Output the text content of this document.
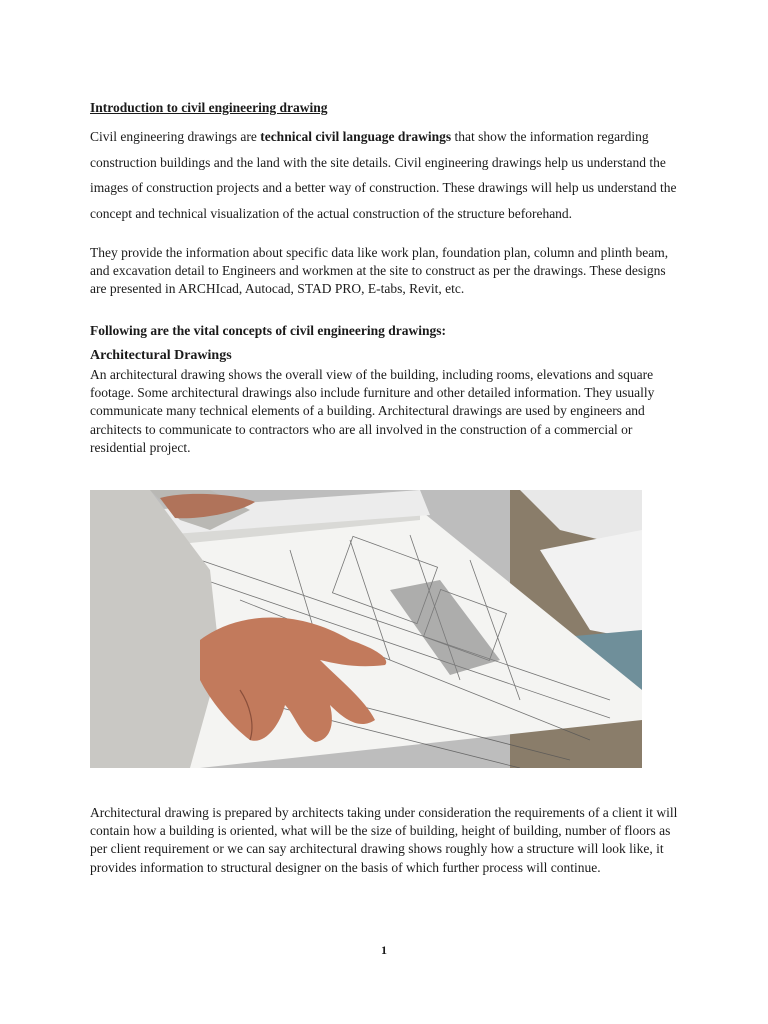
Introduction to civil engineering drawing
Civil engineering drawings are technical civil language drawings that show the information regarding construction buildings and the land with the site details. Civil engineering drawings help us understand the images of construction projects and a better way of construction. These drawings will help us understand the concept and technical visualization of the actual construction of the structure beforehand.
They provide the information about specific data like work plan, foundation plan, column and plinth beam, and excavation detail to Engineers and workmen at the site to construct as per the drawings. These designs are presented in ARCHIcad, Autocad, STAD PRO, E-tabs, Revit, etc.
Following are the vital concepts of civil engineering drawings:
Architectural Drawings
An architectural drawing shows the overall view of the building, including rooms, elevations and square footage. Some architectural drawings also include furniture and other detailed information. They usually communicate many technical elements of a building. Architectural drawings are used by engineers and architects to communicate to contractors who are all involved in the construction of a commercial or residential project.
Architectural drawing is prepared by architects taking under consideration the requirements of a client it will contain how a building is oriented, what will be the size of building, height of building, number of floors as per client requirement or we can say architectural drawing shows roughly how a structure will look like, it provides information to structural designer on the basis of which further process will continue.
1
